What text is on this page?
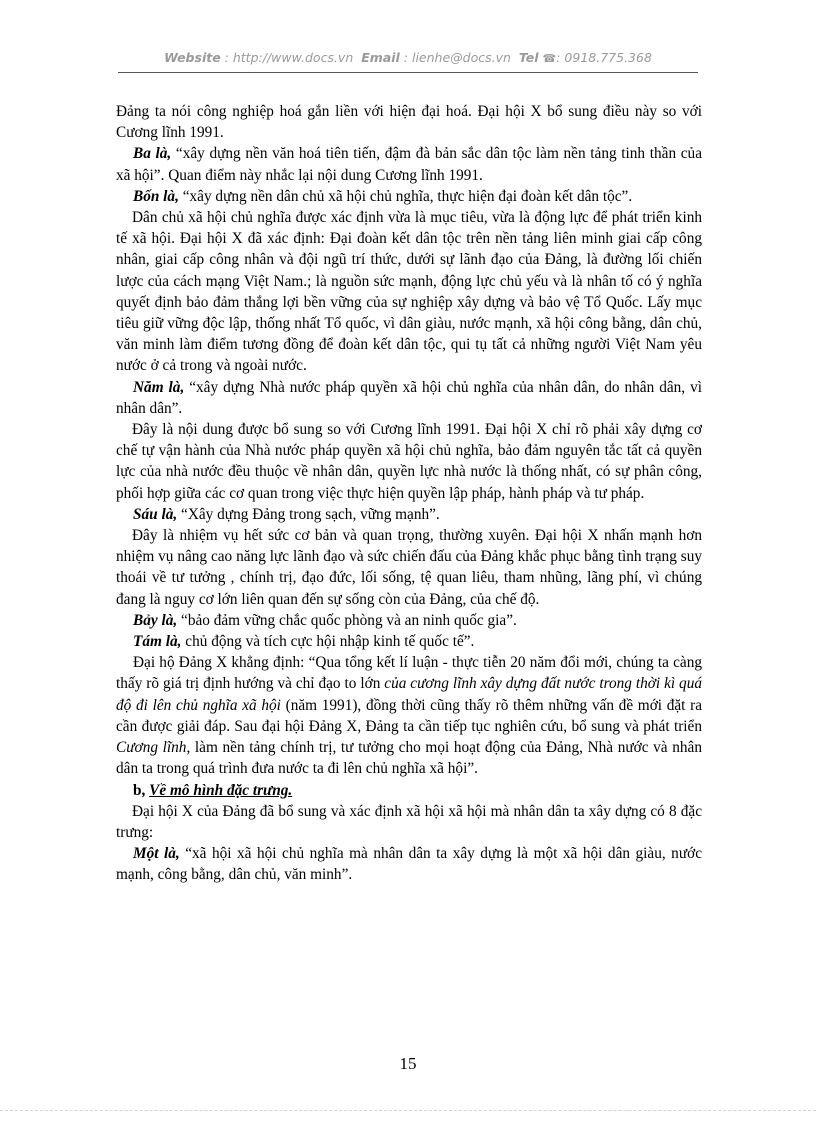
Website : http://www.docs.vn Email : lienhe@docs.vn Tel ☎: 0918.775.368

Đảng ta nói công nghiệp hoá gắn liền với hiện đại hoá. Đại hội X bổ sung điều này so với Cương lĩnh 1991.

Ba là, “xây dựng nền văn hoá tiên tiến, đậm đà bản sắc dân tộc làm nền tảng tinh thần của xã hội”. Quan điểm này nhắc lại nội dung Cương lĩnh 1991.

Bốn là, “xây dựng nền dân chủ xã hội chủ nghĩa, thực hiện đại đoàn kết dân tộc”.

Dân chủ xã hội chủ nghĩa được xác định vừa là mục tiêu, vừa là động lực để phát triển kinh tế xã hội. Đại hội X đã xác định: Đại đoàn kết dân tộc trên nền tảng liên minh giai cấp công nhân, giai cấp công nhân và đội ngũ trí thức, dưới sự lãnh đạo của Đảng, là đường lối chiến lược của cách mạng Việt Nam.; là nguồn sức mạnh, động lực chủ yếu và là nhân tố có ý nghĩa quyết định bảo đảm thắng lợi bền vững của sự nghiệp xây dựng và bảo vệ Tổ Quốc. Lấy mục tiêu giữ vững độc lập, thống nhất Tổ quốc, vì dân giàu, nước mạnh, xã hội công bằng, dân chủ, văn minh làm điểm tương đồng để đoàn kết dân tộc, qui tụ tất cả những người Việt Nam yêu nước ở cả trong và ngoài nước.

Năm là, “xây dựng Nhà nước pháp quyền xã hội chủ nghĩa của nhân dân, do nhân dân, vì nhân dân”.

Đây là nội dung được bổ sung so với Cương lĩnh 1991. Đại hội X chỉ rõ phải xây dựng cơ chế tự vận hành của Nhà nước pháp quyền xã hội chủ nghĩa, bảo đảm nguyên tắc tất cả quyền lực của nhà nước đều thuộc về nhân dân, quyền lực nhà nước là thống nhất, có sự phân công, phối hợp giữa các cơ quan trong việc thực hiện quyền lập pháp, hành pháp và tư pháp.

Sáu là, “Xây dựng Đảng trong sạch, vững mạnh”.

Đây là nhiệm vụ hết sức cơ bản và quan trọng, thường xuyên. Đại hội X nhấn mạnh hơn nhiệm vụ nâng cao năng lực lãnh đạo và sức chiến đấu của Đảng khắc phục bằng tình trạng suy thoái về tư tưởng , chính trị, đạo đức, lối sống, tệ quan liêu, tham nhũng, lãng phí, vì chúng đang là nguy cơ lớn liên quan đến sự sống còn của Đảng, của chế độ.

Bảy là, “bảo đảm vững chắc quốc phòng và an ninh quốc gia”.

Tám là, chủ động và tích cực hội nhập kinh tế quốc tế”.

Đại hộ Đảng X khẳng định: “Qua tổng kết lí luận - thực tiễn 20 năm đổi mới, chúng ta càng thấy rõ giá trị định hướng và chỉ đạo to lớn của cương lĩnh xây dựng đất nước trong thời kì quá độ đi lên chủ nghĩa xã hội (năm 1991), đồng thời cũng thấy rõ thêm những vấn đề mới đặt ra cần được giải đáp. Sau đại hội Đảng X, Đảng ta cần tiếp tục nghiên cứu, bổ sung và phát triển Cương lĩnh, làm nền tảng chính trị, tư tưởng cho mọi hoạt động của Đảng, Nhà nước và nhân dân ta trong quá trình đưa nước ta đi lên chủ nghĩa xã hội”.

b, Về mô hình đặc trưng.

Đại hội X của Đảng đã bổ sung và xác định xã hội xã hội mà nhân dân ta xây dựng có 8 đặc trưng:

Một là, “xã hội xã hội chủ nghĩa mà nhân dân ta xây dựng là một xã hội dân giàu, nước mạnh, công bằng, dân chủ, văn minh”.

15
